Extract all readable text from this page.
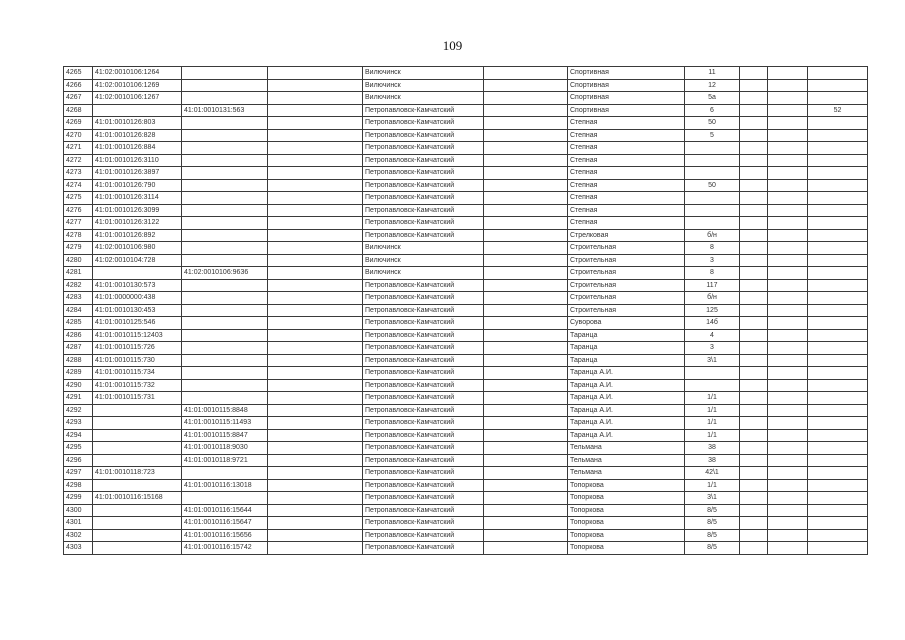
109
4265	41:02:0010106:1264			Вилючинск		Спортивная	11			
4266	41:02:0010106:1269			Вилючинск		Спортивная	12			
4267	41:02:0010106:1267			Вилючинск		Спортивная	5а			
4268		41:01:0010131:563		Петропавловск-Камчатский		Спортивная	6			52
4269	41:01:0010126:803			Петропавловск-Камчатский		Степная	50			
4270	41:01:0010126:828			Петропавловск-Камчатский		Степная	5			
4271	41:01:0010126:884			Петропавловск-Камчатский		Степная				
4272	41:01:0010126:3110			Петропавловск-Камчатский		Степная				
4273	41:01:0010126:3897			Петропавловск-Камчатский		Степная				
4274	41:01:0010126:790			Петропавловск-Камчатский		Степная	50			
4275	41:01:0010126:3114			Петропавловск-Камчатский		Степная				
4276	41:01:0010126:3099			Петропавловск-Камчатский		Степная				
4277	41:01:0010126:3122			Петропавловск-Камчатский		Степная				
4278	41:01:0010126:892			Петропавловск-Камчатский		Стрелковая	б/н			
4279	41:02:0010106:980			Вилючинск		Строительная	8			
4280	41:02:0010104:728			Вилючинск		Строительная	3			
4281		41:02:0010106:9636		Вилючинск		Строительная	8			
4282	41:01:0010130:573			Петропавловск-Камчатский		Строительная	117			
4283	41:01:0000000:438			Петропавловск-Камчатский		Строительная	б/н			
4284	41:01:0010130:453			Петропавловск-Камчатский		Строительная	125			
4285	41:01:0010125:546			Петропавловск-Камчатский		Суворова	14б			
4286	41:01:0010115:12403			Петропавловск-Камчатский		Таранца	4			
4287	41:01:0010115:726			Петропавловск-Камчатский		Таранца	3			
4288	41:01:0010115:730			Петропавловск-Камчатский		Таранца	3\1			
4289	41:01:0010115:734			Петропавловск-Камчатский		Таранца А.И.				
4290	41:01:0010115:732			Петропавловск-Камчатский		Таранца А.И.				
4291	41:01:0010115:731			Петропавловск-Камчатский		Таранца А.И.	1/1			
4292		41:01:0010115:8848		Петропавловск-Камчатский		Таранца А.И.	1/1			
4293		41:01:0010115:11493		Петропавловск-Камчатский		Таранца А.И.	1/1			
4294		41:01:0010115:8847		Петропавловск-Камчатский		Таранца А.И.	1/1			
4295		41:01:0010118:9030		Петропавловск-Камчатский		Тельмана	38			
4296		41:01:0010118:9721		Петропавловск-Камчатский		Тельмана	38			
4297	41:01:0010118:723			Петропавловск-Камчатский		Тельмана	42\1			
4298		41:01:0010116:13018		Петропавловск-Камчатский		Топоркова	1/1			
4299	41:01:0010116:15168			Петропавловск-Камчатский		Топоркова	3\1			
4300		41:01:0010116:15644		Петропавловск-Камчатский		Топоркова	8/5			
4301		41:01:0010116:15647		Петропавловск-Камчатский		Топоркова	8/5			
4302		41:01:0010116:15656		Петропавловск-Камчатский		Топоркова	8/5			
4303		41:01:0010116:15742		Петропавловск-Камчатский		Топоркова	8/5			
